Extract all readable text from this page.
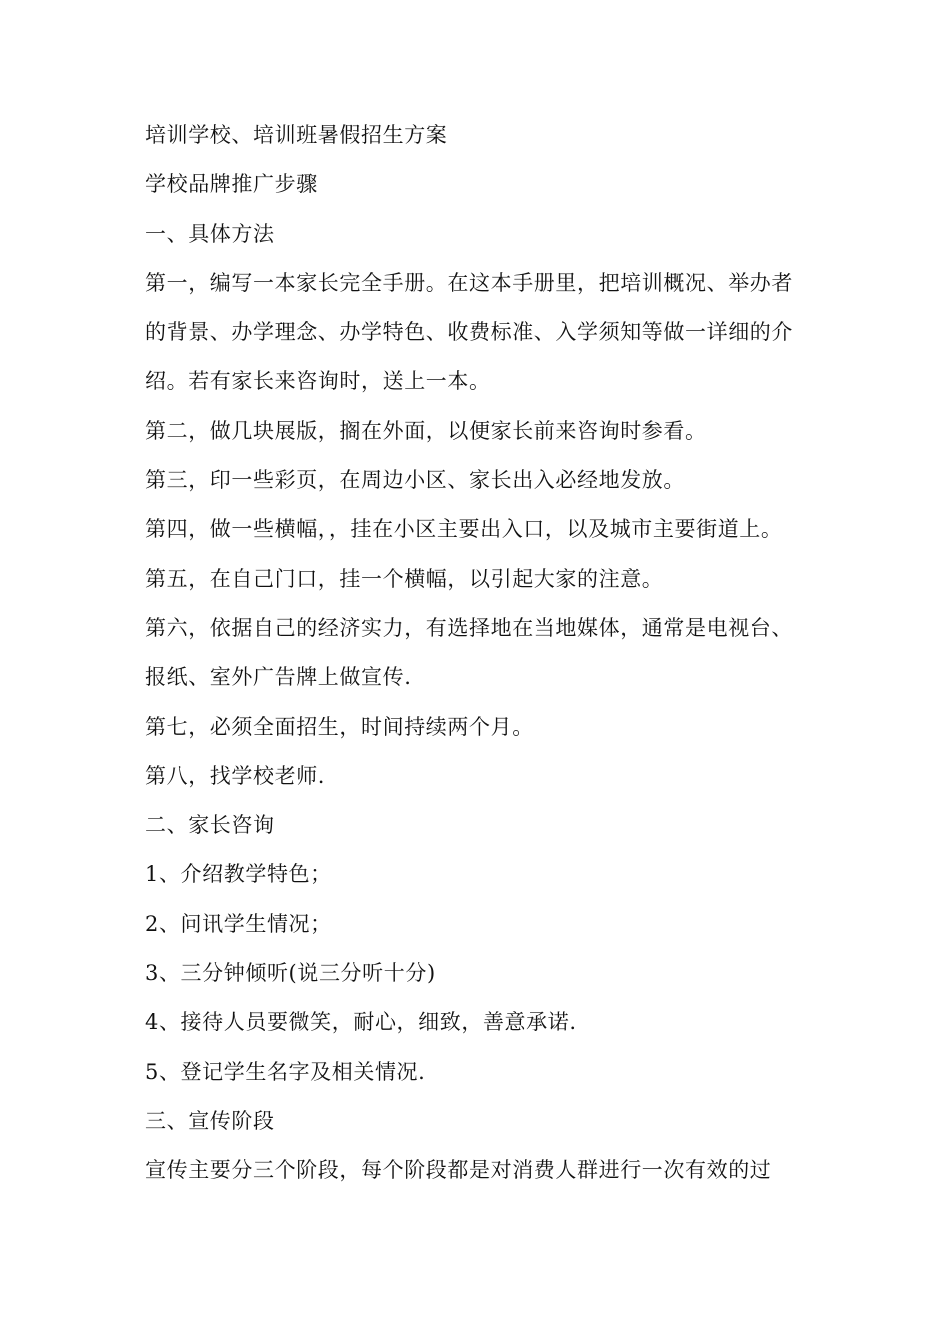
培训学校、培训班暑假招生方案
学校品牌推广步骤
一、具体方法
第一，编写一本家长完全手册。在这本手册里，把培训概况、举办者
的背景、办学理念、办学特色、收费标准、入学须知等做一详细的介
绍。若有家长来咨询时，送上一本。
第二，做几块展版，搁在外面，以便家长前来咨询时参看。
第三，印一些彩页，在周边小区、家长出入必经地发放。
第四，做一些横幅，，挂在小区主要出入口，以及城市主要街道上。
第五，在自己门口，挂一个横幅，以引起大家的注意。
第六，依据自己的经济实力，有选择地在当地媒体，通常是电视台、
报纸、室外广告牌上做宣传.
第七，必须全面招生，时间持续两个月。
第八，找学校老师.
二、家长咨询
1、介绍教学特色；
2、问讯学生情况；
3、三分钟倾听(说三分听十分)
4、接待人员要微笑，耐心，细致，善意承诺.
5、登记学生名字及相关情况.
三、宣传阶段
宣传主要分三个阶段，每个阶段都是对消费人群进行一次有效的过
